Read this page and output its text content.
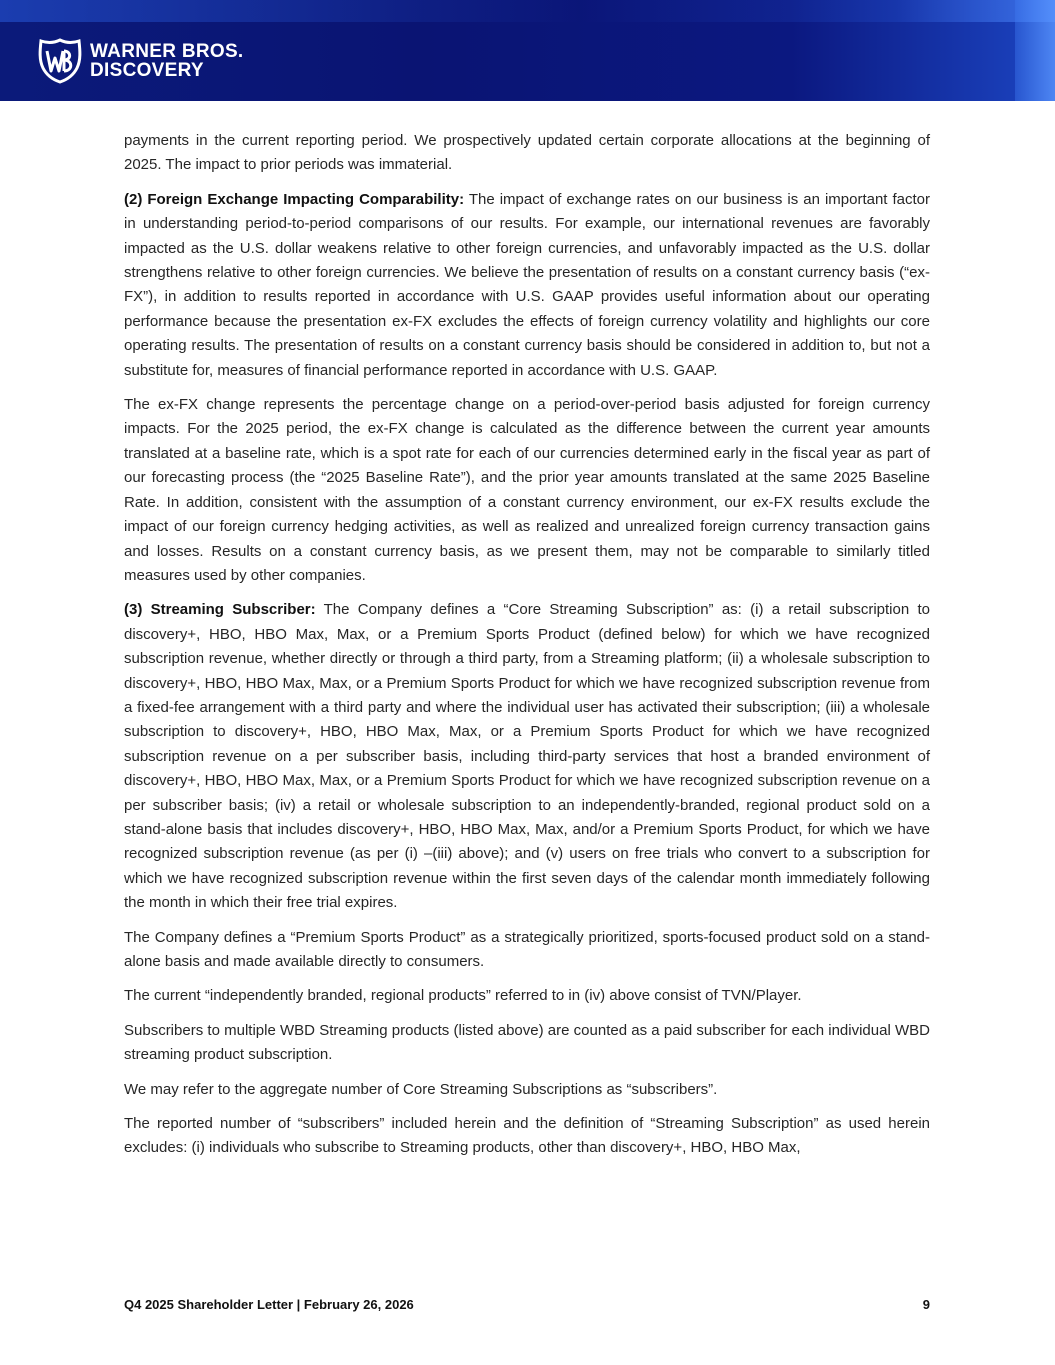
WARNER BROS.
DISCOVERY

payments in the current reporting period. We prospectively updated certain corporate allocations at the beginning of 2025. The impact to prior periods was immaterial.

(2) Foreign Exchange Impacting Comparability: The impact of exchange rates on our business is an important factor in understanding period-to-period comparisons of our results. For example, our international revenues are favorably impacted as the U.S. dollar weakens relative to other foreign currencies, and unfavorably impacted as the U.S. dollar strengthens relative to other foreign currencies. We believe the presentation of results on a constant currency basis (“ex-FX”), in addition to results reported in accordance with U.S. GAAP provides useful information about our operating performance because the presentation ex-FX excludes the effects of foreign currency volatility and highlights our core operating results. The presentation of results on a constant currency basis should be considered in addition to, but not a substitute for, measures of financial performance reported in accordance with U.S. GAAP.

The ex-FX change represents the percentage change on a period-over-period basis adjusted for foreign currency impacts. For the 2025 period, the ex-FX change is calculated as the difference between the current year amounts translated at a baseline rate, which is a spot rate for each of our currencies determined early in the fiscal year as part of our forecasting process (the “2025 Baseline Rate”), and the prior year amounts translated at the same 2025 Baseline Rate. In addition, consistent with the assumption of a constant currency environment, our ex-FX results exclude the impact of our foreign currency hedging activities, as well as realized and unrealized foreign currency transaction gains and losses. Results on a constant currency basis, as we present them, may not be comparable to similarly titled measures used by other companies.

(3) Streaming Subscriber: The Company defines a “Core Streaming Subscription” as: (i) a retail subscription to discovery+, HBO, HBO Max, Max, or a Premium Sports Product (defined below) for which we have recognized subscription revenue, whether directly or through a third party, from a Streaming platform; (ii) a wholesale subscription to discovery+, HBO, HBO Max, Max, or a Premium Sports Product for which we have recognized subscription revenue from a fixed-fee arrangement with a third party and where the individual user has activated their subscription; (iii) a wholesale subscription to discovery+, HBO, HBO Max, Max, or a Premium Sports Product for which we have recognized subscription revenue on a per subscriber basis, including third-party services that host a branded environment of discovery+, HBO, HBO Max, Max, or a Premium Sports Product for which we have recognized subscription revenue on a per subscriber basis; (iv) a retail or wholesale subscription to an independently-branded, regional product sold on a stand-alone basis that includes discovery+, HBO, HBO Max, Max, and/or a Premium Sports Product, for which we have recognized subscription revenue (as per (i) –(iii) above); and (v) users on free trials who convert to a subscription for which we have recognized subscription revenue within the first seven days of the calendar month immediately following the month in which their free trial expires.

The Company defines a “Premium Sports Product” as a strategically prioritized, sports-focused product sold on a stand-alone basis and made available directly to consumers.

The current “independently branded, regional products” referred to in (iv) above consist of TVN/Player.

Subscribers to multiple WBD Streaming products (listed above) are counted as a paid subscriber for each individual WBD streaming product subscription.

We may refer to the aggregate number of Core Streaming Subscriptions as “subscribers”.

The reported number of “subscribers” included herein and the definition of “Streaming Subscription” as used herein excludes: (i) individuals who subscribe to Streaming products, other than discovery+, HBO, HBO Max,

Q4 2025 Shareholder Letter | February 26, 2026	9
